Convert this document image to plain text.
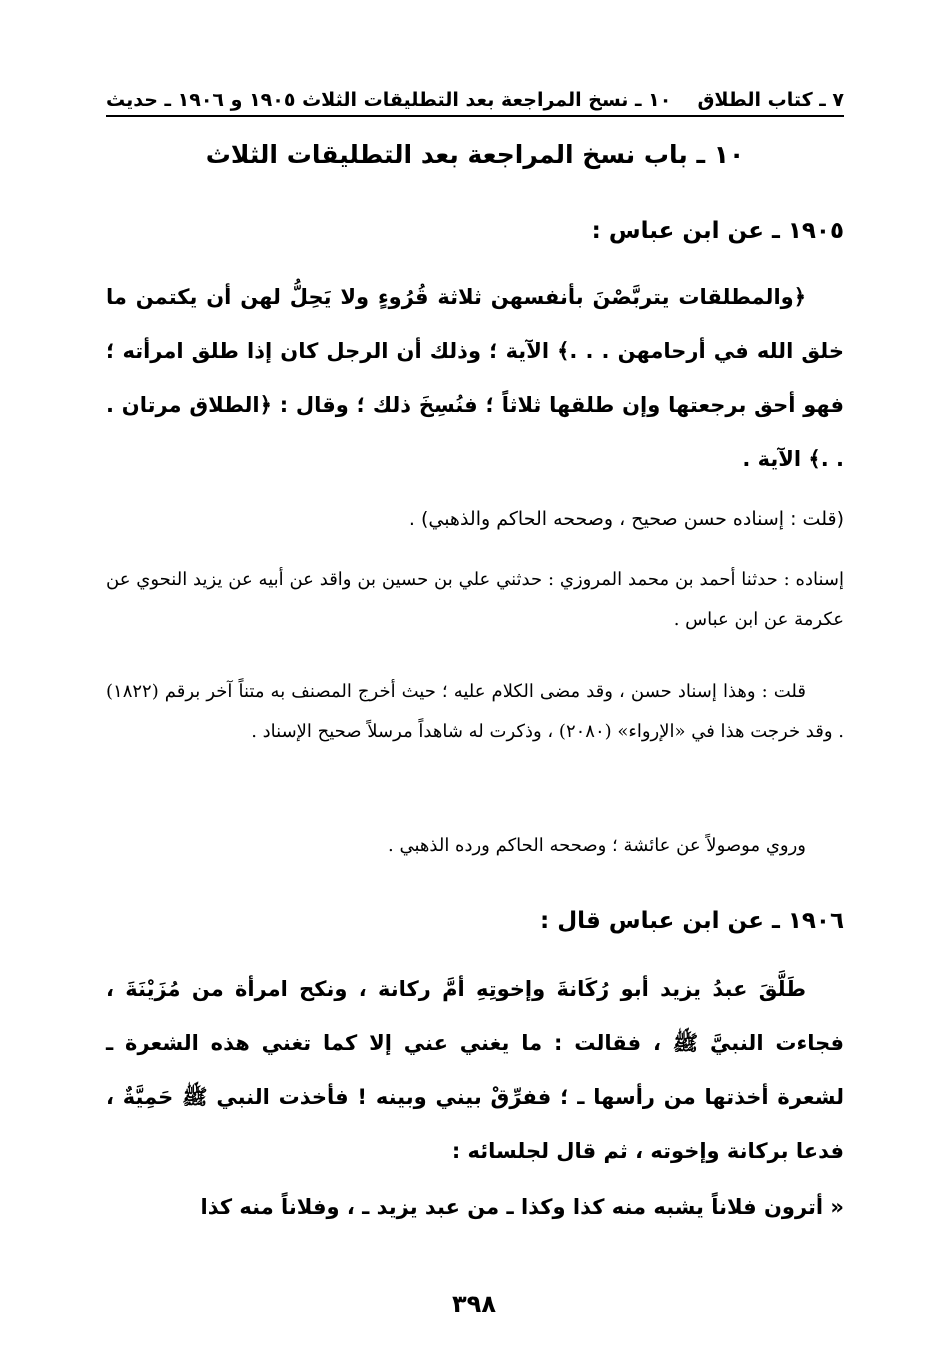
٧ ـ كتاب الطلاق
١٠ ـ نسخ المراجعة بعد التطليقات الثلاث ١٩٠٥ و ١٩٠٦ ـ حديث
١٠ ـ باب نسخ المراجعة بعد التطليقات الثلاث
١٩٠٥ ـ عن ابن عباس :
﴿والمطلقات يتربَّصْنَ بأنفسهن ثلاثة قُرُوءٍ ولا يَحِلُّ لهن أن يكتمن ما خلق الله في أرحامهن . . .﴾ الآية ؛ وذلك أن الرجل كان إذا طلق امرأته ؛ فهو أحق برجعتها وإن طلقها ثلاثاً ؛ فنُسِخَ ذلك ؛ وقال : ﴿الطلاق مرتان . . .﴾ الآية .
(قلت : إسناده حسن صحيح ، وصححه الحاكم والذهبي) .
إسناده : حدثنا أحمد بن محمد المروزي : حدثني علي بن حسين بن واقد عن أبيه عن يزيد النحوي عن عكرمة عن ابن عباس .
قلت : وهذا إسناد حسن ، وقد مضى الكلام عليه ؛ حيث أخرج المصنف به متناً آخر برقم (١٨٢٢) . وقد خرجت هذا في «الإرواء» (٢٠٨٠) ، وذكرت له شاهداً مرسلاً صحيح الإسناد .
وروي موصولاً عن عائشة ؛ وصححه الحاكم ورده الذهبي .
١٩٠٦ ـ عن ابن عباس قال :
طَلَّقَ عبدُ يزيد أبو رُكَانةَ وإخوتِهِ أمَّ ركانة ، ونكح امرأة من مُزَيْنَةَ ، فجاءت النبيَّ ﷺ ، فقالت : ما يغني عني إلا كما تغني هذه الشعرة ـ لشعرة أخذتها من رأسها ـ ؛ ففرِّقْ بيني وبينه ! فأخذت النبي ﷺ حَمِيَّةٌ ، فدعا بركانة وإخوته ، ثم قال لجلسائه :
« أترون فلاناً يشبه منه كذا وكذا ـ من عبد يزيد ـ ، وفلاناً منه كذا
٣٩٨
